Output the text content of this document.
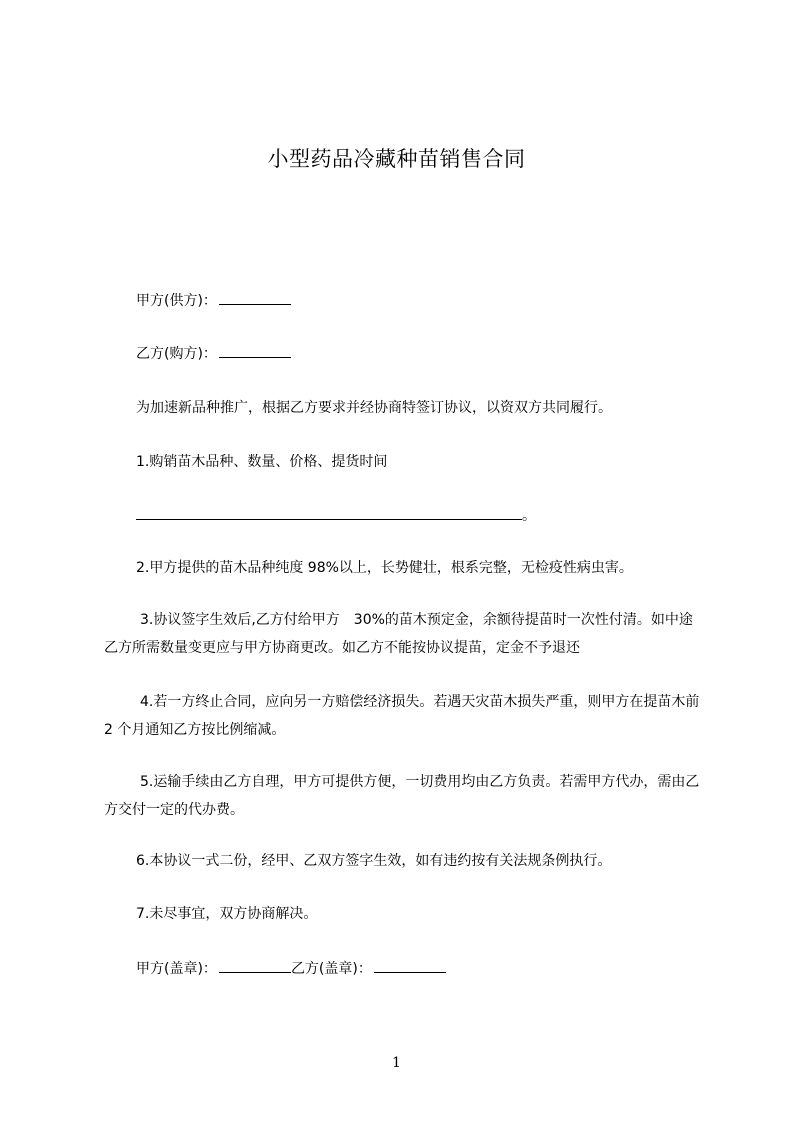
小型药品冷藏种苗销售合同
甲方(供方)：
乙方(购方)：
为加速新品种推广，根据乙方要求并经协商特签订协议，以资双方共同履行。
1.购销苗木品种、数量、价格、提货时间
。
2.甲方提供的苗木品种纯度 98%以上，长势健壮，根系完整，无检疫性病虫害。
3.协议签字生效后,乙方付给甲方　30%的苗木预定金，余额待提苗时一次性付清。如中途乙方所需数量变更应与甲方协商更改。如乙方不能按协议提苗，定金不予退还
4.若一方终止合同，应向另一方赔偿经济损失。若遇天灾苗木损失严重，则甲方在提苗木前 2 个月通知乙方按比例缩减。
5.运输手续由乙方自理，甲方可提供方便，一切费用均由乙方负责。若需甲方代办，需由乙方交付一定的代办费。
6.本协议一式二份，经甲、乙双方签字生效，如有违约按有关法规条例执行。
7.未尽事宜，双方协商解决。
甲方(盖章)：	乙方(盖章)：
1
